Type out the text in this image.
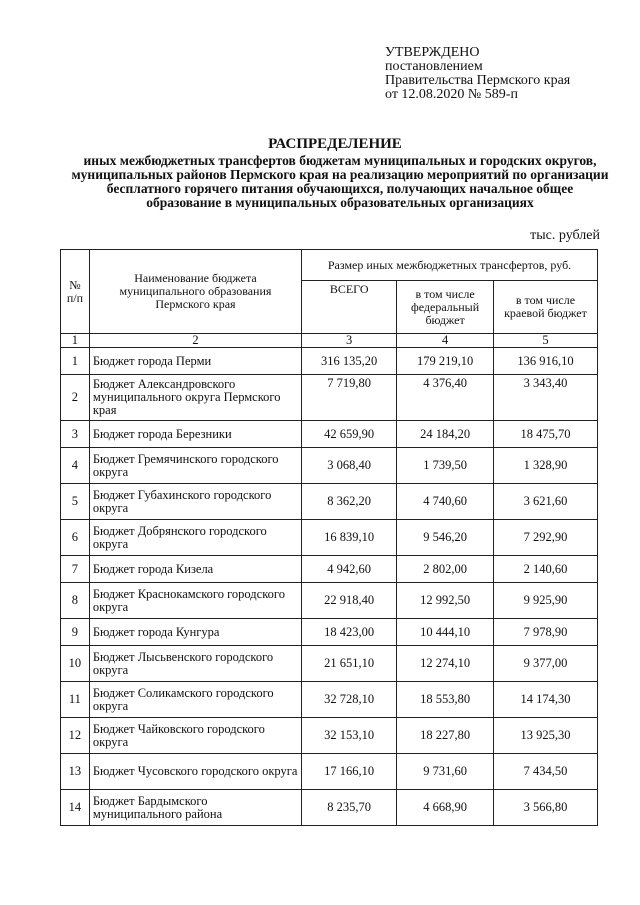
УТВЕРЖДЕНО
постановлением
Правительства Пермского края
от 12.08.2020 № 589-п
РАСПРЕДЕЛЕНИЕ
иных межбюджетных трансфертов бюджетам муниципальных и городских округов, муниципальных районов Пермского края на реализацию мероприятий по организации бесплатного горячего питания обучающихся, получающих начальное общее образование в муниципальных образовательных организациях
тыс. рублей
№ п/п	Наименование бюджета муниципального образования Пермского края	Размер иных межбюджетных трансфертов, руб.		
		ВСЕГО	в том числе федеральный бюджет	в том числе краевой бюджет
1	2	3	4	5
1	Бюджет города Перми	316 135,20	179 219,10	136 916,10
2	Бюджет Александровского муниципального округа Пермского края	7 719,80	4 376,40	3 343,40
3	Бюджет города Березники	42 659,90	24 184,20	18 475,70
4	Бюджет Гремячинского городского округа	3 068,40	1 739,50	1 328,90
5	Бюджет Губахинского городского округа	8 362,20	4 740,60	3 621,60
6	Бюджет Добрянского городского округа	16 839,10	9 546,20	7 292,90
7	Бюджет города Кизела	4 942,60	2 802,00	2 140,60
8	Бюджет Краснокамского городского округа	22 918,40	12 992,50	9 925,90
9	Бюджет города Кунгура	18 423,00	10 444,10	7 978,90
10	Бюджет Лысьвенского городского округа	21 651,10	12 274,10	9 377,00
11	Бюджет Соликамского городского округа	32 728,10	18 553,80	14 174,30
12	Бюджет Чайковского городского округа	32 153,10	18 227,80	13 925,30
13	Бюджет Чусовского городского округа	17 166,10	9 731,60	7 434,50
14	Бюджет Бардымского муниципального района	8 235,70	4 668,90	3 566,80
